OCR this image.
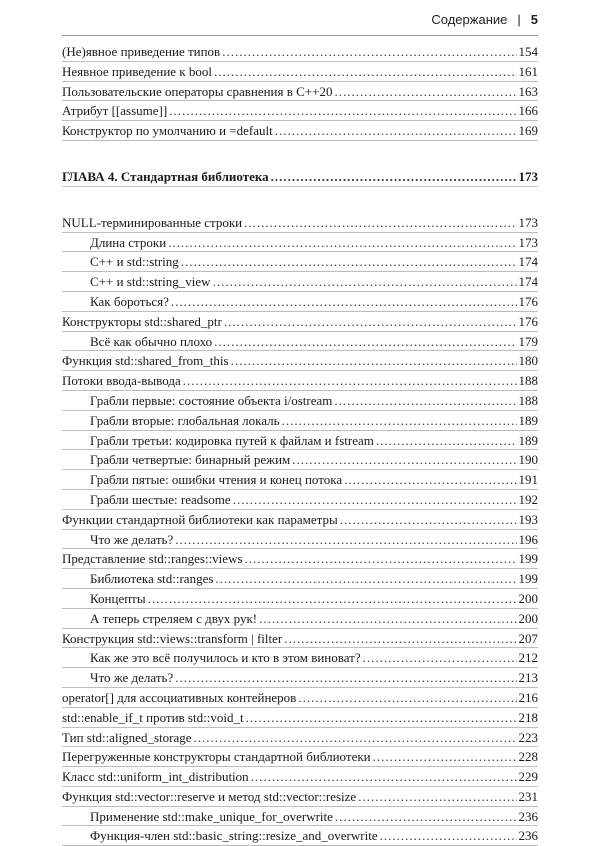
Содержание | 5
(Не)явное приведение типов .....	154
Неявное приведение к bool .....	161
Пользовательские операторы сравнения в C++20 .....	163
Атрибут [[assume]] .....	166
Конструктор по умолчанию и =default .....	169
ГЛАВА 4. Стандартная библиотека .....	173
NULL-терминированные строки .....	173
Длина строки .....	173
C++ и std::string .....	174
C++ и std::string_view .....	174
Как бороться? .....	176
Конструкторы std::shared_ptr .....	176
Всё как обычно плохо .....	179
Функция std::shared_from_this .....	180
Потоки ввода-вывода .....	188
Грабли первые: состояние объекта i/ostream .....	188
Грабли вторые: глобальная локаль .....	189
Грабли третьи: кодировка путей к файлам и fstream .....	189
Грабли четвертые: бинарный режим .....	190
Грабли пятые: ошибки чтения и конец потока .....	191
Грабли шестые: readsome .....	192
Функции стандартной библиотеки как параметры .....	193
Что же делать? .....	196
Представление std::ranges::views .....	199
Библиотека std::ranges .....	199
Концепты .....	200
А теперь стреляем с двух рук! .....	200
Конструкция std::views::transform | filter .....	207
Как же это всё получилось и кто в этом виноват? .....	212
Что же делать? .....	213
operator[] для ассоциативных контейнеров .....	216
std::enable_if_t против std::void_t .....	218
Тип std::aligned_storage .....	223
Перегруженные конструкторы стандартной библиотеки .....	228
Класс std::uniform_int_distribution .....	229
Функция std::vector::reserve и метод std::vector::resize .....	231
Применение std::make_unique_for_overwrite .....	236
Функция-член std::basic_string::resize_and_overwrite .....	236
